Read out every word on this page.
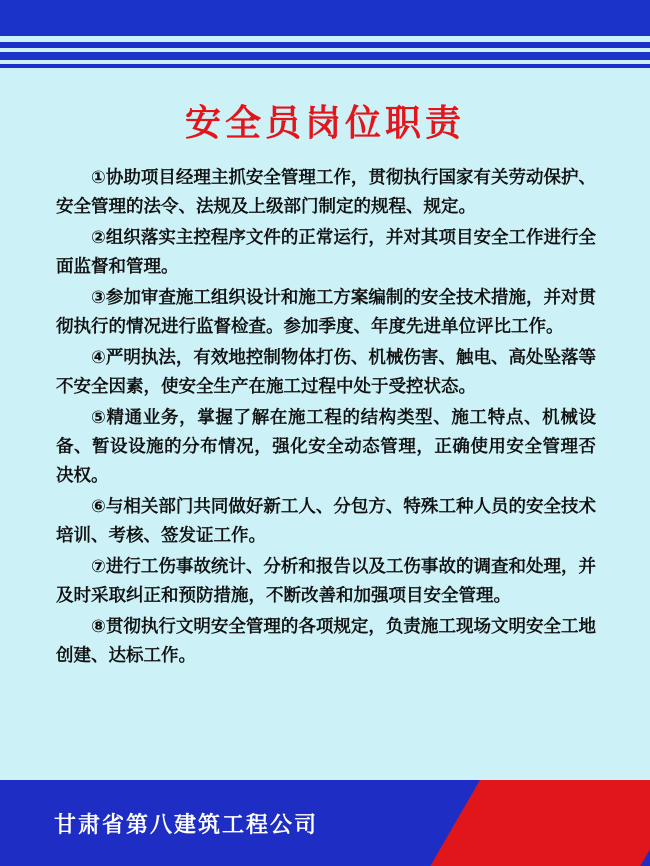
安全员岗位职责

①协助项目经理主抓安全管理工作，贯彻执行国家有关劳动保护、安全管理的法令、法规及上级部门制定的规程、规定。

②组织落实主控程序文件的正常运行，并对其项目安全工作进行全面监督和管理。

③参加审查施工组织设计和施工方案编制的安全技术措施，并对贯彻执行的情况进行监督检查。参加季度、年度先进单位评比工作。

④严明执法，有效地控制物体打伤、机械伤害、触电、高处坠落等不安全因素，使安全生产在施工过程中处于受控状态。

⑤精通业务，掌握了解在施工程的结构类型、施工特点、机械设备、暂设设施的分布情况，强化安全动态管理，正确使用安全管理否决权。

⑥与相关部门共同做好新工人、分包方、特殊工种人员的安全技术培训、考核、签发证工作。

⑦进行工伤事故统计、分析和报告以及工伤事故的调查和处理，并及时采取纠正和预防措施，不断改善和加强项目安全管理。

⑧贯彻执行文明安全管理的各项规定，负责施工现场文明安全工地创建、达标工作。

甘肃省第八建筑工程公司
